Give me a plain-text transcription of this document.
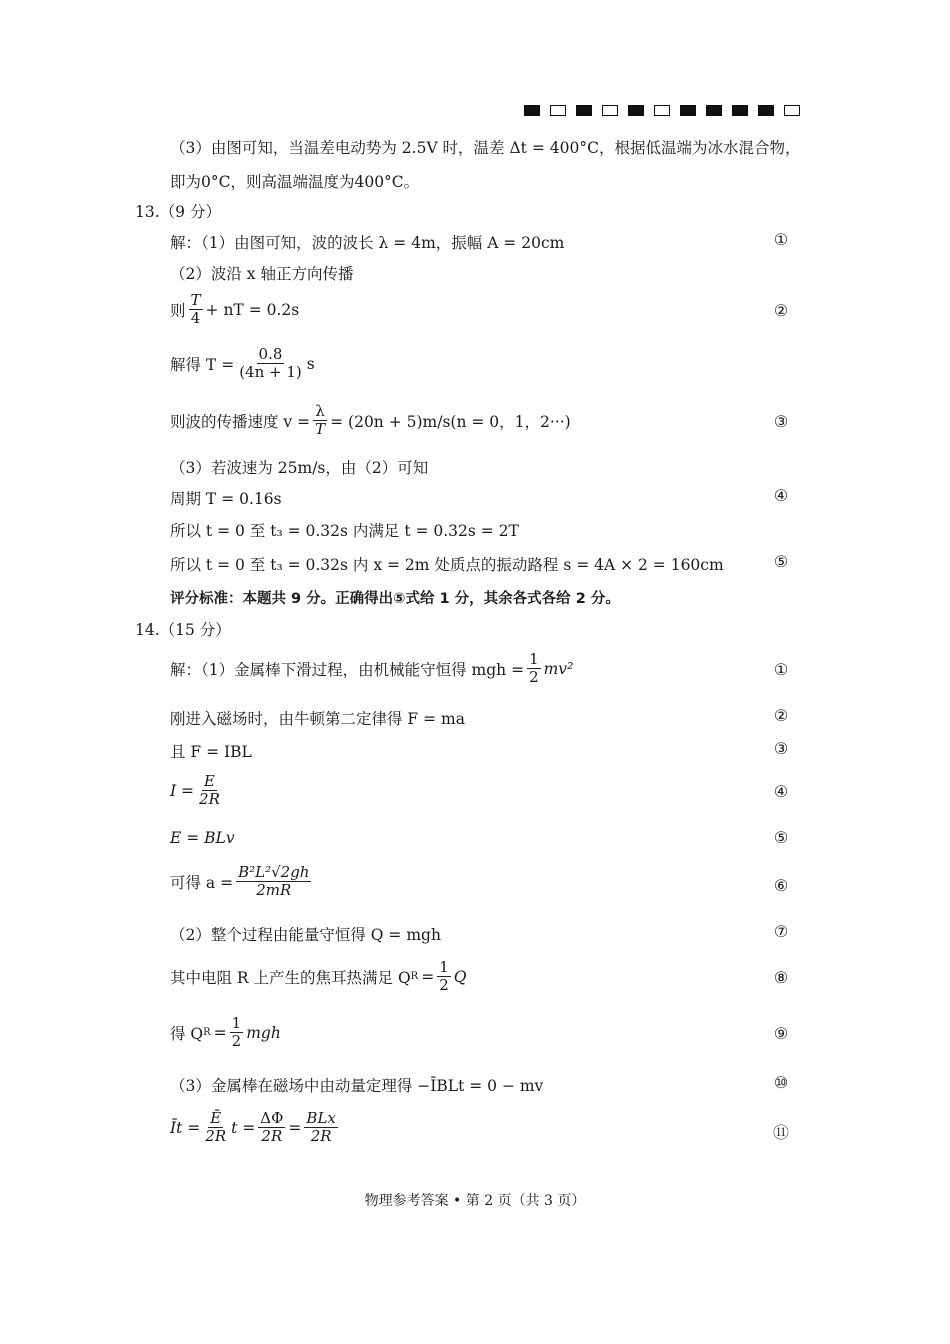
（3）由图可知，当温差电动势为 2.5V 时，温差 Δt = 400°C，根据低温端为冰水混合物，
即为0°C，则高温端温度为400°C。
13.（9 分）
解：（1）由图可知，波的波长 λ = 4m，振幅 A = 20cm	①
（2）波沿 x 轴正方向传播
则 $\frac{T}{4}$ + nT = 0.2s	②
解得 $T = \frac{0.8}{(4n + 1)}$ s
则波的传播速度 $v = \frac{\lambda}{T} = (20n + 5)m/s(n = 0$，1，2···)	③
（3）若波速为 25m/s，由（2）可知
周期 T = 0.16s	④
所以 t = 0 至 t₃ = 0.32s 内满足 t = 0.32s = 2T
所以 t = 0 至 t₃ = 0.32s 内 x = 2m 处质点的振动路程 s = 4A × 2 = 160cm	⑤
评分标准：本题共 9 分。正确得出⑤式给 1 分，其余各式各给 2 分。
14.（15 分）
解：（1）金属棒下滑过程，由机械能守恒得 mgh = $\frac{1}{2} mv^2$	①
刚进入磁场时，由牛顿第二定律得 F = ma	②
且 F = IBL	③
$I = \frac{E}{2R}$	④
E = BLv	⑤
可得 $a = \frac{\text{B²L²√2gh}}{2mR}$	⑥
（2）整个过程由能量守恒得 Q = mgh	⑦
其中电阻 R 上产生的焦耳热满足 Q $R = \frac{1}{2}$ Q	⑧
得 Q $R = \frac{1}{2}$ mgh	⑨
（3）金属棒在磁场中由动量定理得 −ĪBLt = 0 − mv	⑩
Īt = $\frac{Ē}{2R}$ $t = \frac{\Delta\Phi}{2R} = \frac{\text{BLx}}{2R}$	⑪
物理参考答案 • 第 2 页（共 3 页）
